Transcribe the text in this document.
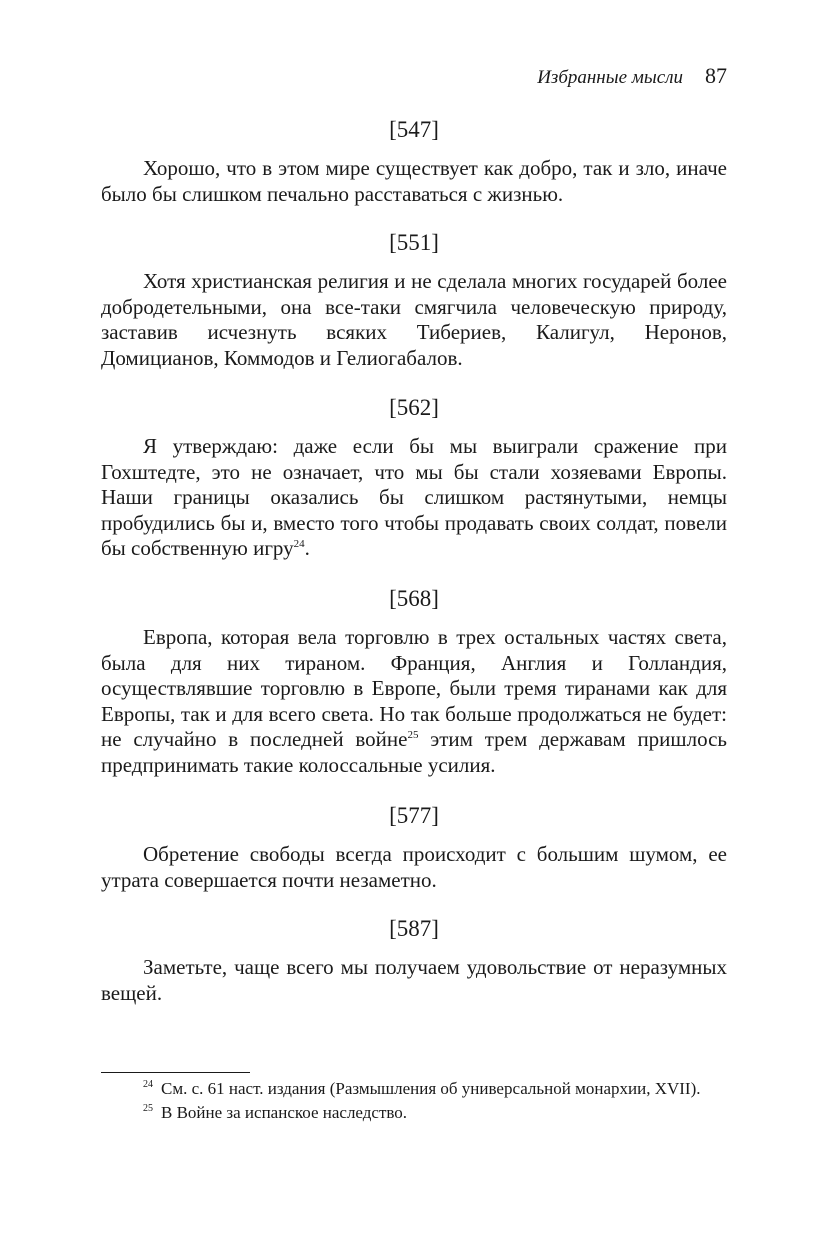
Избранные мысли 87
[547]

Хорошо, что в этом мире существует как добро, так и зло, иначе было бы слишком печально расставаться с жизнью.

[551]

Хотя христианская религия и не сделала многих государей более добродетельными, она все-таки смягчила человеческую природу, заставив исчезнуть всяких Тибериев, Калигул, Неронов, Домицианов, Коммодов и Гелиогабалов.

[562]

Я утверждаю: даже если бы мы выиграли сражение при Гохштедте, это не означает, что мы бы стали хозяевами Европы. Наши границы оказались бы слишком растянутыми, немцы пробудились бы и, вместо того чтобы продавать своих солдат, повели бы собственную игру$^{24}$.

[568]

Европа, которая вела торговлю в трех остальных частях света, была для них тираном. Франция, Англия и Голландия, осуществлявшие торговлю в Европе, были тремя тиранами как для Европы, так и для всего света. Но так больше продолжаться не будет: не случайно в последней войне$^{25}$ этим трем державам пришлось предпринимать такие колоссальные усилия.

[577]

Обретение свободы всегда происходит с большим шумом, ее утрата совершается почти незаметно.

[587]

Заметьте, чаще всего мы получаем удовольствие от неразумных вещей.

$^{24}$ См. с. 61 наст. издания (Размышления об универсальной монархии, XVII).

$^{25}$ В Войне за испанское наследство.
